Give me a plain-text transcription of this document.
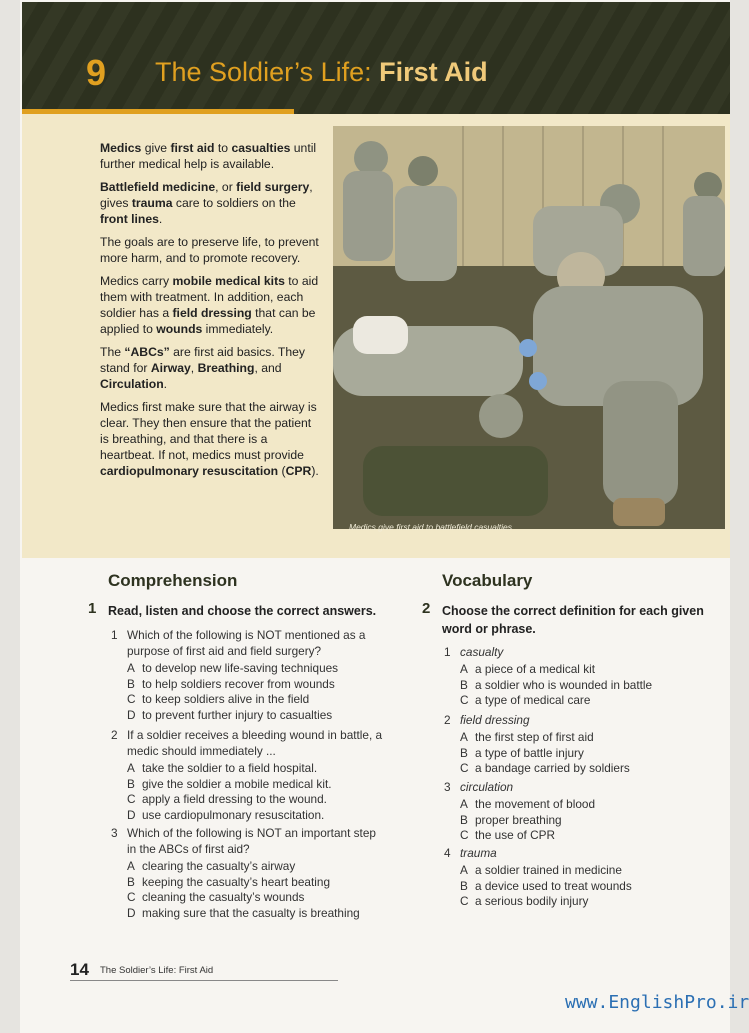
9 The Soldier’s Life: First Aid

Medics give first aid to casualties until further medical help is available.

Battlefield medicine, or field surgery, gives trauma care to soldiers on the front lines.

The goals are to preserve life, to prevent more harm, and to promote recovery.

Medics carry mobile medical kits to aid them with treatment. In addition, each soldier has a field dressing that can be applied to wounds immediately.

The “ABCs” are first aid basics. They stand for Airway, Breathing, and Circulation.

Medics first make sure that the airway is clear. They then ensure that the patient is breathing, and that there is a heartbeat. If not, medics must provide cardiopulmonary resuscitation (CPR).

Medics give first aid to battlefield casualties
Comprehension
1 Read, listen and choose the correct answers.
1 Which of the following is NOT mentioned as a
purpose of first aid and field surgery?
A to develop new life-saving techniques
B to help soldiers recover from wounds
C to keep soldiers alive in the field
D to prevent further injury to casualties
2 If a soldier receives a bleeding wound in battle, a
medic should immediately ...
A take the soldier to a field hospital.
B give the soldier a mobile medical kit.
C apply a field dressing to the wound.
D use cardiopulmonary resuscitation.
3 Which of the following is NOT an important step
in the ABCs of first aid?
A clearing the casualty’s airway
B keeping the casualty’s heart beating
C cleaning the casualty’s wounds
D making sure that the casualty is breathing
Vocabulary
2 Choose the correct definition for each given
word or phrase.
1 casualty
A a piece of a medical kit
B a soldier who is wounded in battle
C a type of medical care
2 field dressing
A the first step of first aid
B a type of battle injury
C a bandage carried by soldiers
3 circulation
A the movement of blood
B proper breathing
C the use of CPR
4 trauma
A a soldier trained in medicine
B a device used to treat wounds
C a serious bodily injury
14 The Soldier’s Life: First Aid
www.EnglishPro.ir
